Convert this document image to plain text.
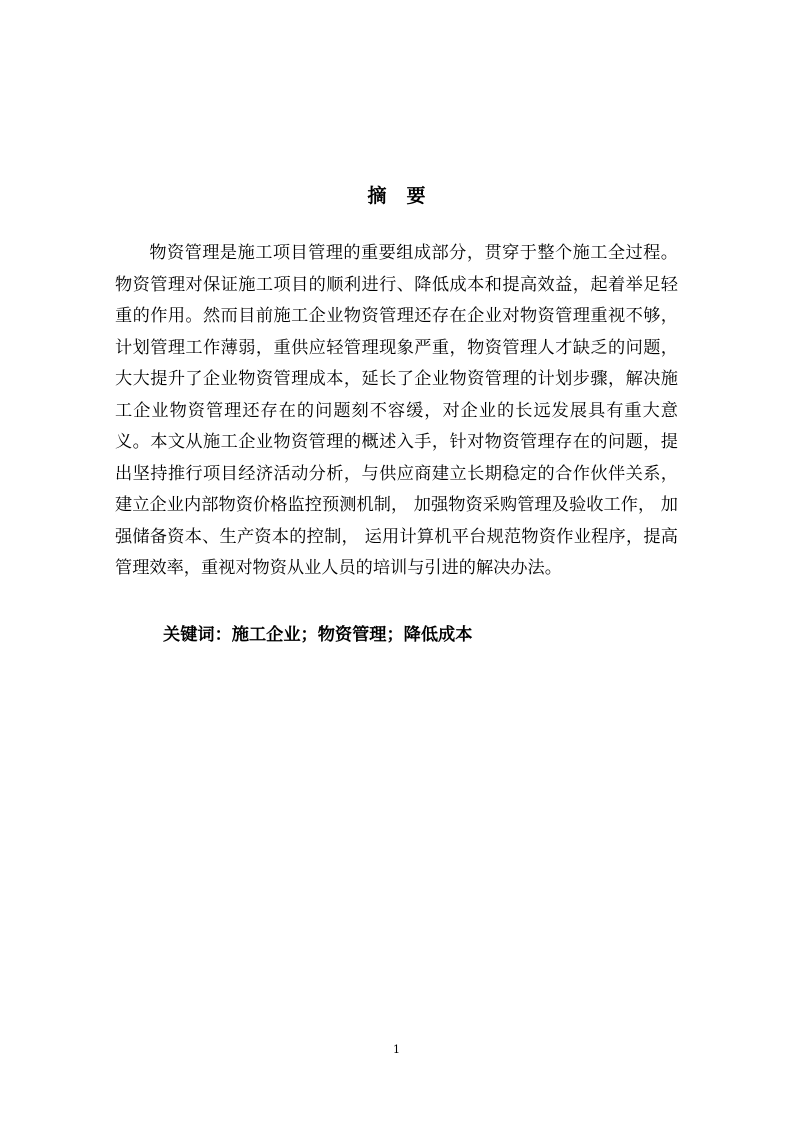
摘要

物资管理是施工项目管理的重要组成部分，贯穿于整个施工全过程。物资管理对保证施工项目的顺利进行、降低成本和提高效益，起着举足轻重的作用。然而目前施工企业物资管理还存在企业对物资管理重视不够，计划管理工作薄弱，重供应轻管理现象严重，物资管理人才缺乏的问题，大大提升了企业物资管理成本，延长了企业物资管理的计划步骤，解决施工企业物资管理还存在的问题刻不容缓，对企业的长远发展具有重大意义。本文从施工企业物资管理的概述入手，针对物资管理存在的问题，提出坚持推行项目经济活动分析，与供应商建立长期稳定的合作伙伴关系， 建立企业内部物资价格监控预测机制， 加强物资采购管理及验收工作， 加强储备资本、生产资本的控制， 运用计算机平台规范物资作业程序，提高管理效率，重视对物资从业人员的培训与引进的解决办法。

关键词：施工企业；物资管理；降低成本
1
